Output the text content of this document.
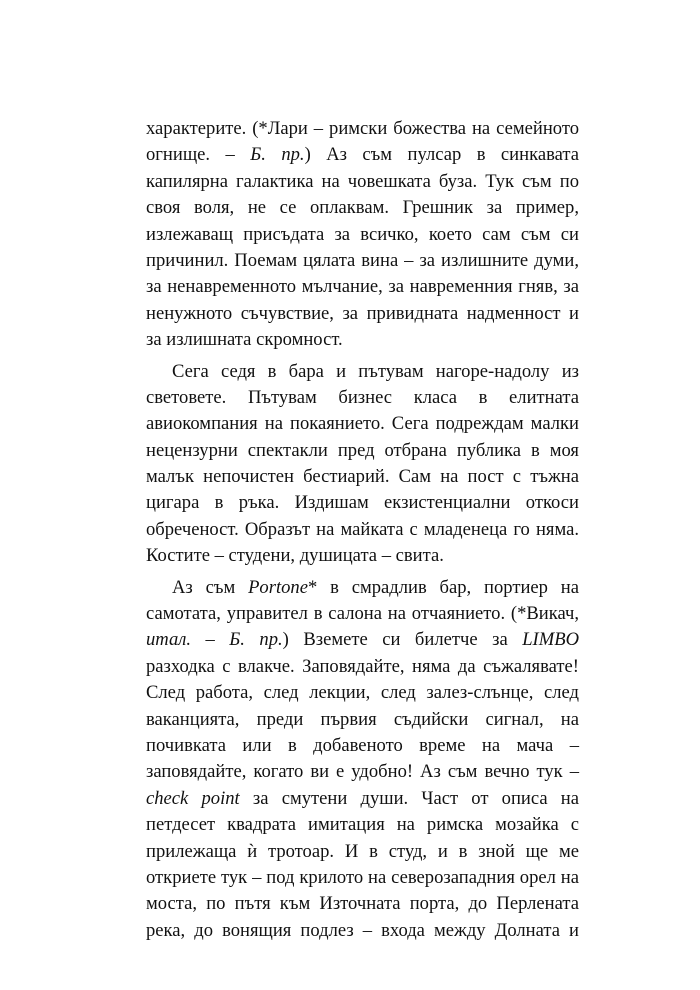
характерите. (*Лари – римски божества на семейното
огнище. – Б. пр.) Аз съм пулсар в синкавата
капилярна галактика на човешката буза. Тук съм по
своя воля, не се оплаквам. Грешник за пример,
излежаващ присъдата за всичко, което сам съм си
причинил. Поемам цялата вина – за излишните думи,
за ненавременното мълчание, за навременния гняв, за
ненужното съчувствие, за привидната надменност и
за излишната скромност.
Сега седя в бара и пътувам нагоре-надолу из
световете. Пътувам бизнес класа в елитната
авиокомпания на покаянието. Сега подреждам малки
нецензурни спектакли пред отбрана публика в моя
малък непочистен бестиарий. Сам на пост с тъжна
цигара в ръка. Издишам екзистенциални откоси
обреченост. Образът на майката с младенеца го няма.
Костите – студени, душицата – свита.
Аз съм Portone* в смрадлив бар, портиер на
самотата, управител в салона на отчаянието. (*Викач,
итал. – Б. пр.) Вземете си билетче за LIMBO
разходка с влакче. Заповядайте, няма да съжалявате!
След работа, след лекции, след залез-слънце, след
ваканцията, преди първия съдийски сигнал, на
почивката или в добавеното време на мача –
заповядайте, когато ви е удобно! Аз съм вечно тук –
check point за смутени души. Част от описа на
петдесет квадрата имитация на римска мозайка с
прилежаща ѝ тротоар. И в студ, и в зной ще ме
откриете тук – под крилото на северозападния орел на
моста, по пътя към Източната порта, до Перлената
река, до вонящия подлез – входа между Долната и
